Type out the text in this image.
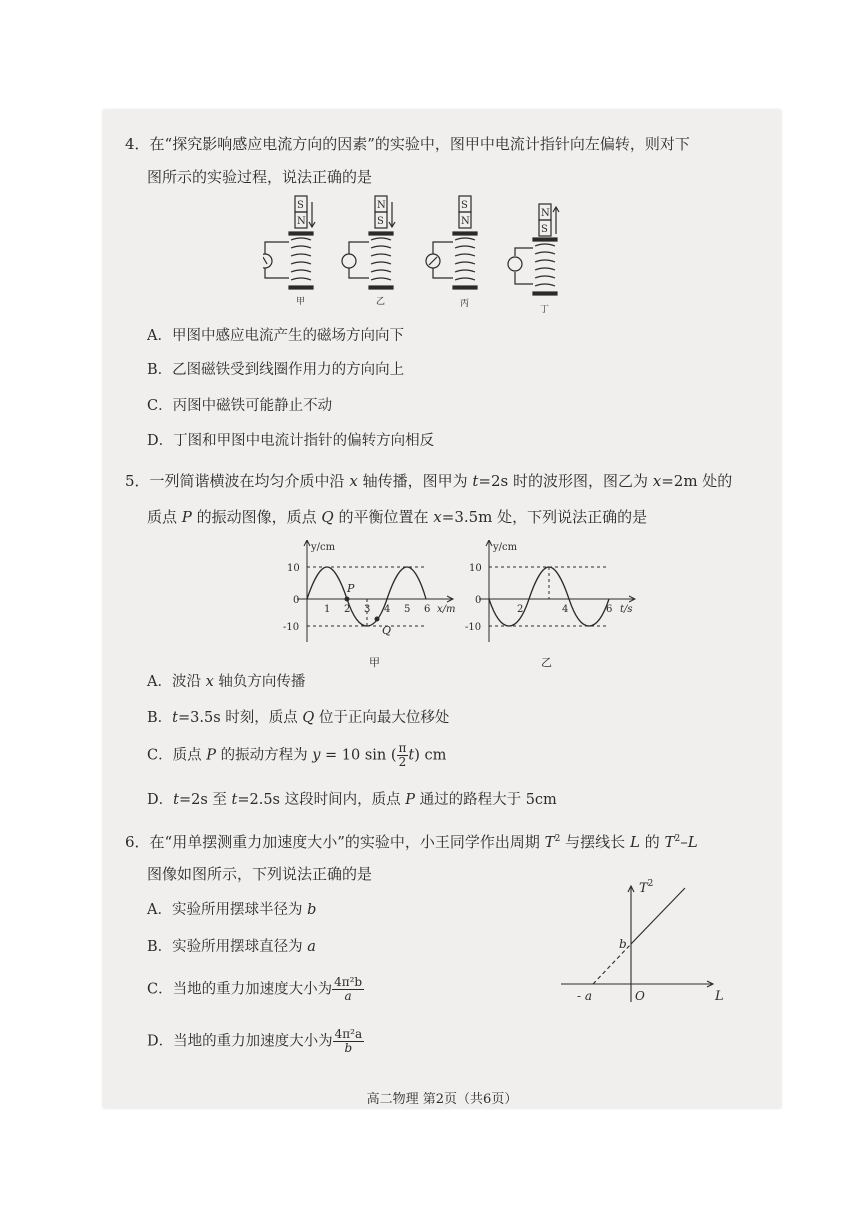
4．在“探究影响感应电流方向的因素”的实验中，图甲中电流计指针向左偏转，则对下
图所示的实验过程，说法正确的是
S
N
N
S
S
N
N
S
甲	乙	丙
丁
A．甲图中感应电流产生的磁场方向向下
B．乙图磁铁受到线圈作用力的方向向上
C．丙图中磁铁可能静止不动
D．丁图和甲图中电流计指针的偏转方向相反
5．一列简谐横波在均匀介质中沿 x 轴传播，图甲为 t=2s 时的波形图，图乙为 x=2m 处的
质点 P 的振动图像，质点 Q 的平衡位置在 x=3.5m 处，下列说法正确的是
y/cm
10
0
-10
1 2 3 4 5 6 x/m
P
Q
甲
y/cm
10
0
-10
2	4	6 t/s
乙
A．波沿 x 轴负方向传播
B．t=3.5s 时刻，质点 Q 位于正向最大位移处
C．质点 P 的振动方程为 y = 10 sin ( $\frac{\pi}{2} t$) cm
D．t=2s 至 t=2.5s 这段时间内，质点 P 通过的路程大于 5cm
6．在“用单摆测重力加速度大小”的实验中，小王同学作出周期 $T^2$ 与摆线长 L 的 $T^2-L$
图像如图所示，下列说法正确的是
A．实验所用摆球半径为 b
B．实验所用摆球直径为 a
C．当地的重力加速度大小为 $\frac{\text{4π²b}}{a}$
D．当地的重力加速度大小为 $\frac{\text{4π²a}}{b}$
$T^2$
b
- a	O	L
高二物理 第2页（共6页）
